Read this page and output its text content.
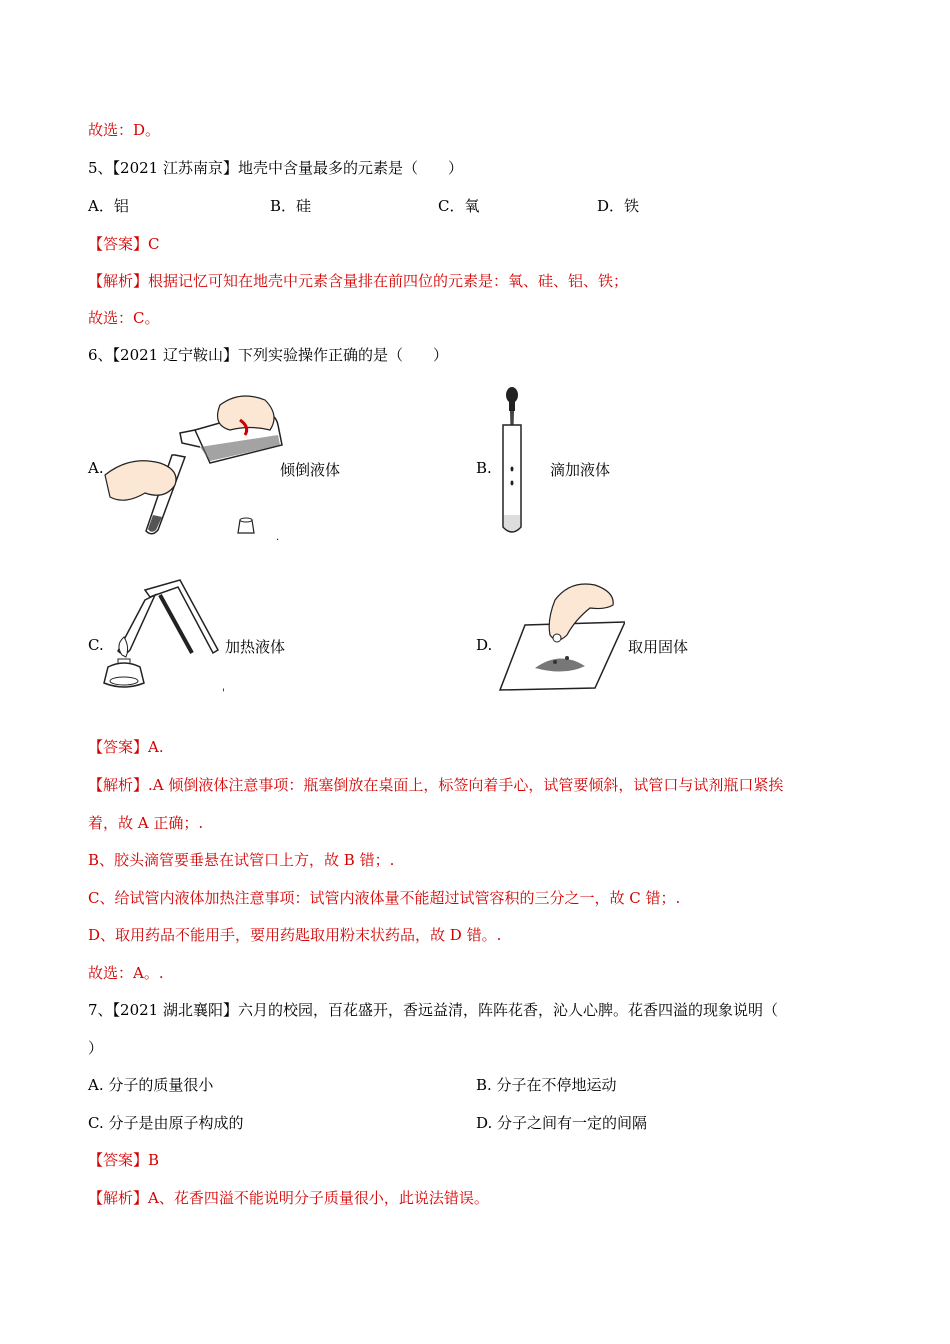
故选：D。
5、【2021 江苏南京】地壳中含量最多的元素是（　　）
A．铝	B．硅	C．氧	D．铁
【答案】C
【解析】根据记忆可知在地壳中元素含量排在前四位的元素是：氧、硅、铝、铁；
故选：C。
6、【2021 辽宁鞍山】下列实验操作正确的是（　　）
A.	倾倒液体
.
B.	滴加液体
C.	加热液体
'
D.	取用固体
【答案】A.
【解析】.A 倾倒液体注意事项：瓶塞倒放在桌面上，标签向着手心，试管要倾斜，试管口与试剂瓶口紧挨
着，故 A 正确；.
B、胶头滴管要垂悬在试管口上方，故 B 错；.
C、给试管内液体加热注意事项：试管内液体量不能超过试管容积的三分之一，故 C 错；.
D、取用药品不能用手，要用药匙取用粉末状药品，故 D 错。.
故选：A。.
7、【2021 湖北襄阳】六月的校园，百花盛开，香远益清，阵阵花香，沁人心脾。花香四溢的现象说明（
）
A. 分子的质量很小	B. 分子在不停地运动
C. 分子是由原子构成的	D. 分子之间有一定的间隔
【答案】B
【解析】A、花香四溢不能说明分子质量很小，此说法错误。
